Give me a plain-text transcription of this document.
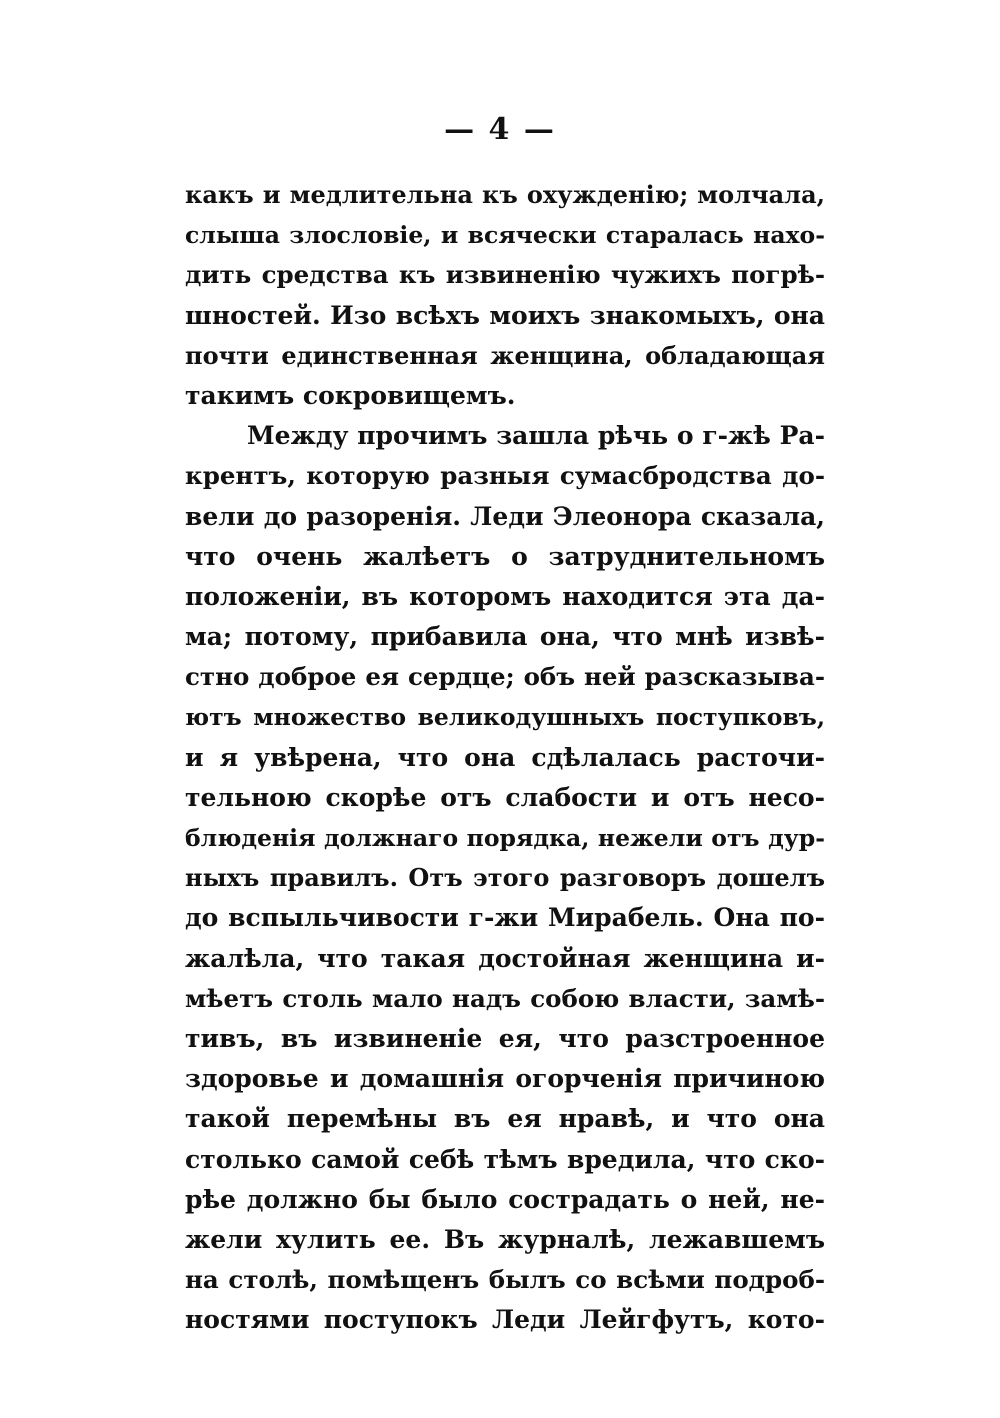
— 4 —
какъ и медлительна къ охужденію; молчала,
слыша злословіе, и всячески старалась нахо-
дить средства къ извиненію чужихъ погрѣ-
шностей. Изо всѣхъ моихъ знакомыхъ, она
почти единственная женщина, обладающая
такимъ сокровищемъ.
Между прочимъ зашла рѣчь о г-жѣ Ра-
крентъ, которую разныя сумасбродства до-
вели до разоренія. Леди Элеонора сказала,
что очень жалѣетъ о затруднительномъ
положеніи, въ которомъ находится эта да-
ма; потому, прибавила она, что мнѣ извѣ-
стно доброе ея сердце; объ ней разсказыва-
ютъ множество великодушныхъ поступковъ,
и я увѣрена, что она сдѣлалась расточи-
тельною скорѣе отъ слабости и отъ несо-
блюденія должнаго порядка, нежели отъ дур-
ныхъ правилъ. Отъ этого разговоръ дошелъ
до вспыльчивости г-жи Мирабель. Она по-
жалѣла, что такая достойная женщина и-
мѣетъ столь мало надъ собою власти, замѣ-
тивъ, въ извиненіе ея, что разстроенное
здоровье и домашнія огорченія причиною
такой перемѣны въ ея нравѣ, и что она
столько самой себѣ тѣмъ вредила, что ско-
рѣе должно бы было сострадать о ней, не-
жели хулить ее. Въ журналѣ, лежавшемъ
на столѣ, помѣщенъ былъ со всѣми подроб-
ностями поступокъ Леди Лейгфутъ, кото-
